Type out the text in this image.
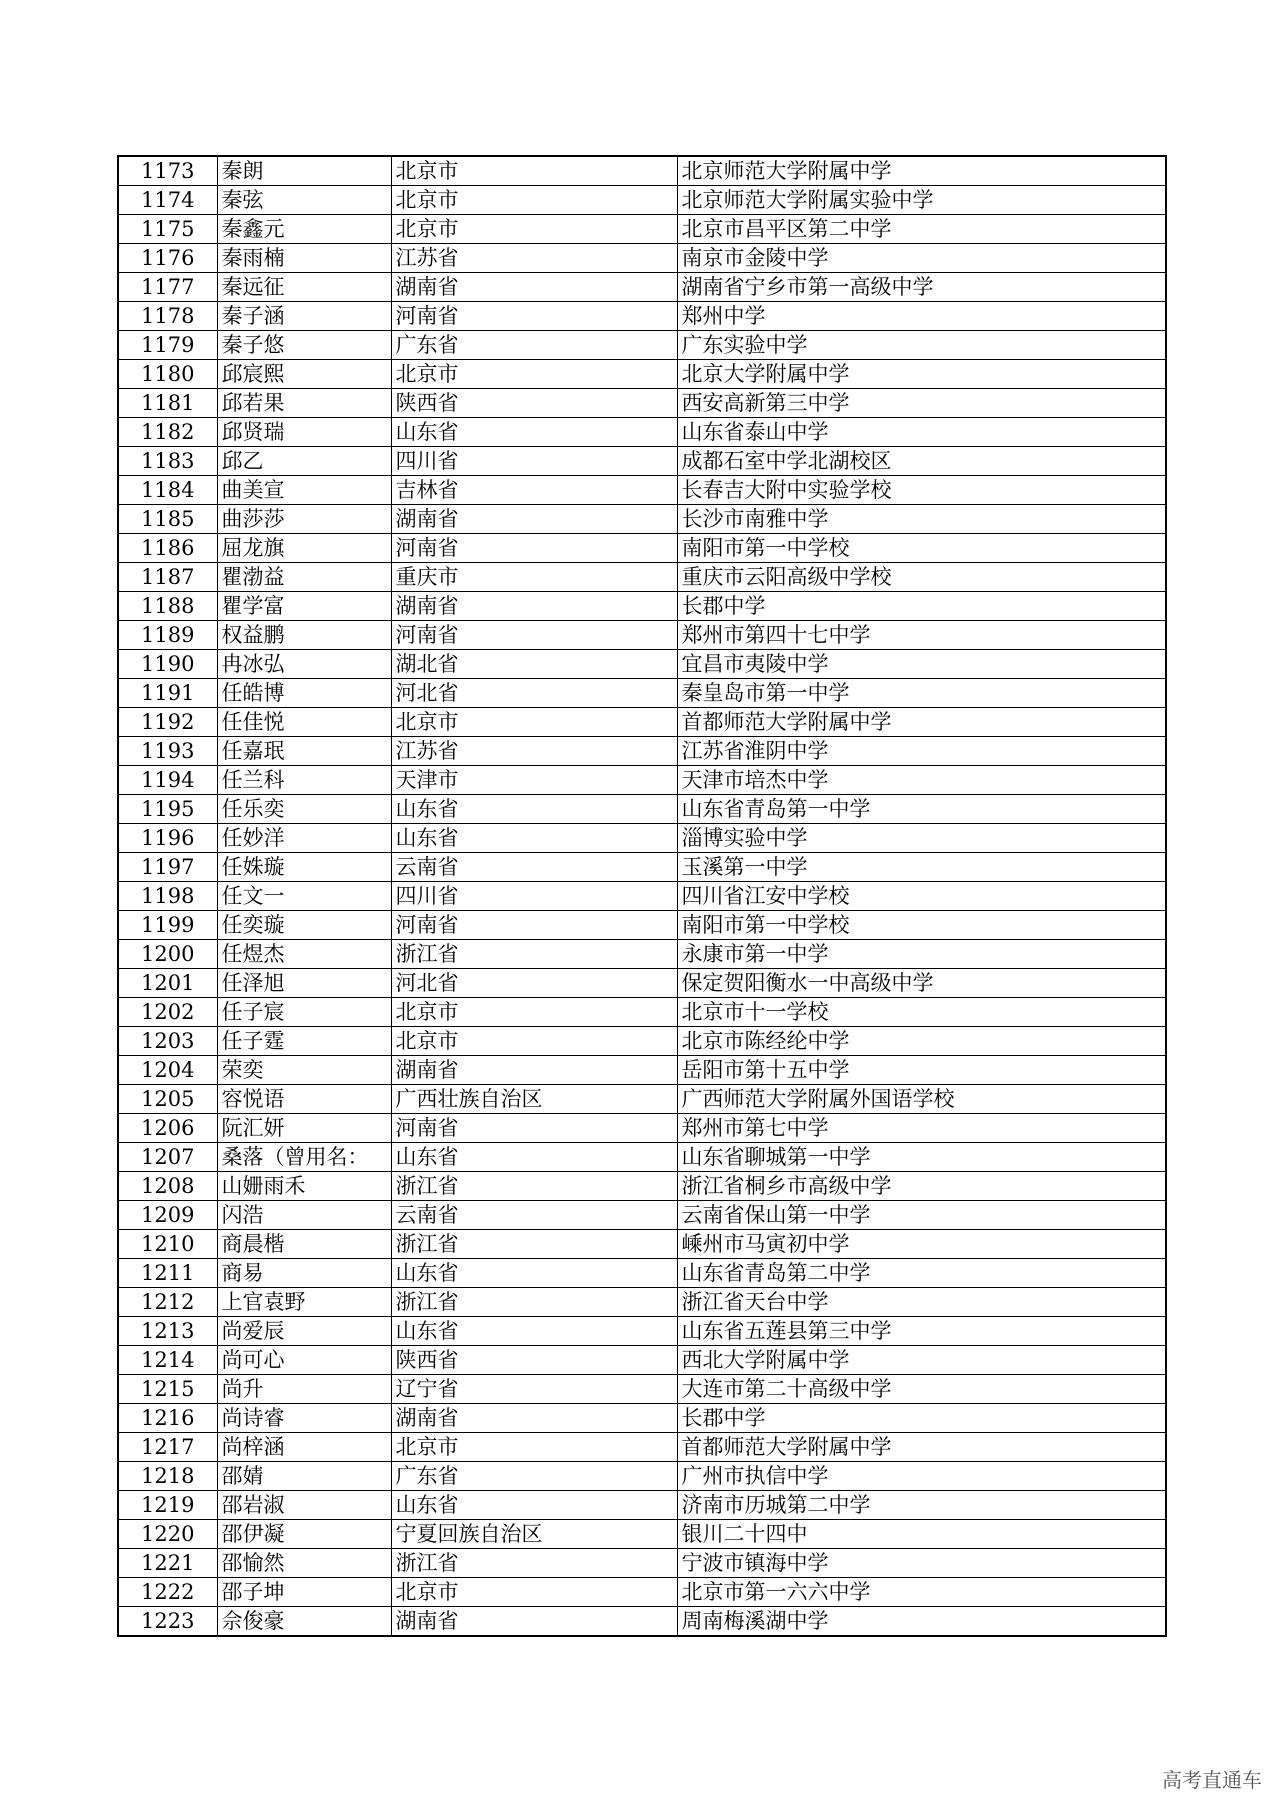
1173	秦朗	北京市	北京师范大学附属中学
1174	秦弦	北京市	北京师范大学附属实验中学
1175	秦鑫元	北京市	北京市昌平区第二中学
1176	秦雨楠	江苏省	南京市金陵中学
1177	秦远征	湖南省	湖南省宁乡市第一高级中学
1178	秦子涵	河南省	郑州中学
1179	秦子悠	广东省	广东实验中学
1180	邱宸熙	北京市	北京大学附属中学
1181	邱若果	陕西省	西安高新第三中学
1182	邱贤瑞	山东省	山东省泰山中学
1183	邱乙	四川省	成都石室中学北湖校区
1184	曲美宣	吉林省	长春吉大附中实验学校
1185	曲莎莎	湖南省	长沙市南雅中学
1186	屈龙旗	河南省	南阳市第一中学校
1187	瞿渤益	重庆市	重庆市云阳高级中学校
1188	瞿学富	湖南省	长郡中学
1189	权益鹏	河南省	郑州市第四十七中学
1190	冉冰弘	湖北省	宜昌市夷陵中学
1191	任皓博	河北省	秦皇岛市第一中学
1192	任佳悦	北京市	首都师范大学附属中学
1193	任嘉珉	江苏省	江苏省淮阴中学
1194	任兰科	天津市	天津市培杰中学
1195	任乐奕	山东省	山东省青岛第一中学
1196	任妙洋	山东省	淄博实验中学
1197	任姝璇	云南省	玉溪第一中学
1198	任文一	四川省	四川省江安中学校
1199	任奕璇	河南省	南阳市第一中学校
1200	任煜杰	浙江省	永康市第一中学
1201	任泽旭	河北省	保定贺阳衡水一中高级中学
1202	任子宸	北京市	北京市十一学校
1203	任子霆	北京市	北京市陈经纶中学
1204	荣奕	湖南省	岳阳市第十五中学
1205	容悦语	广西壮族自治区	广西师范大学附属外国语学校
1206	阮汇妍	河南省	郑州市第七中学
1207	桑落（曾用名：	山东省	山东省聊城第一中学
1208	山姗雨禾	浙江省	浙江省桐乡市高级中学
1209	闪浩	云南省	云南省保山第一中学
1210	商晨楷	浙江省	嵊州市马寅初中学
1211	商易	山东省	山东省青岛第二中学
1212	上官袁野	浙江省	浙江省天台中学
1213	尚爱辰	山东省	山东省五莲县第三中学
1214	尚可心	陕西省	西北大学附属中学
1215	尚升	辽宁省	大连市第二十高级中学
1216	尚诗睿	湖南省	长郡中学
1217	尚梓涵	北京市	首都师范大学附属中学
1218	邵婧	广东省	广州市执信中学
1219	邵岩淑	山东省	济南市历城第二中学
1220	邵伊凝	宁夏回族自治区	银川二十四中
1221	邵愉然	浙江省	宁波市镇海中学
1222	邵子坤	北京市	北京市第一六六中学
1223	佘俊豪	湖南省	周南梅溪湖中学
高考直通车
